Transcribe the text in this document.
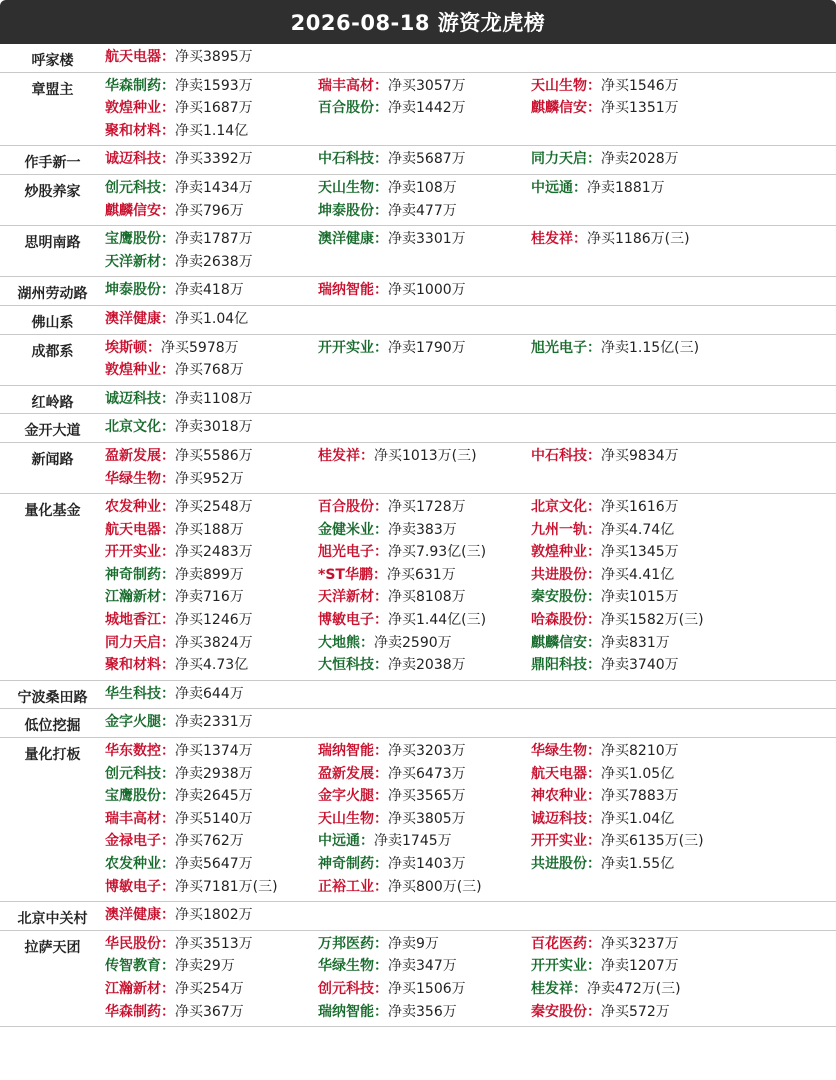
2026-08-18 游资龙虎榜
呼家楼	航天电器：净买3895万
章盟主	华森制药：净卖1593万	瑞丰高材：净买3057万	天山生物：净买1546万
敦煌种业：净买1687万	百合股份：净卖1442万	麒麟信安：净买1351万
聚和材料：净买1.14亿
作手新一	诚迈科技：净买3392万	中石科技：净卖5687万	同力天启：净卖2028万
炒股养家	创元科技：净卖1434万	天山生物：净卖108万	中远通：净卖1881万
麒麟信安：净买796万	坤泰股份：净卖477万
思明南路	宝鹰股份：净卖1787万	澳洋健康：净卖3301万	桂发祥：净买1186万(三)
天洋新材：净卖2638万
湖州劳动路	坤泰股份：净卖418万	瑞纳智能：净买1000万
佛山系	澳洋健康：净买1.04亿
成都系	埃斯顿：净买5978万	开开实业：净卖1790万	旭光电子：净卖1.15亿(三)
敦煌种业：净买768万
红岭路	诚迈科技：净卖1108万
金开大道	北京文化：净卖3018万
新闻路	盈新发展：净买5586万	桂发祥：净买1013万(三)	中石科技：净买9834万
华绿生物：净买952万
量化基金	农发种业：净买2548万	百合股份：净买1728万	北京文化：净买1616万
航天电器：净买188万	金健米业：净卖383万	九州一轨：净买4.74亿
开开实业：净买2483万	旭光电子：净买7.93亿(三)	敦煌种业：净买1345万
神奇制药：净卖899万	*ST华鹏：净买631万	共进股份：净买4.41亿
江瀚新材：净卖716万	天洋新材：净买8108万	秦安股份：净卖1015万
城地香江：净买1246万	博敏电子：净买1.44亿(三)	哈森股份：净买1582万(三)
同力天启：净买3824万	大地熊：净卖2590万	麒麟信安：净卖831万
聚和材料：净买4.73亿	大恒科技：净卖2038万	鼎阳科技：净卖3740万
宁波桑田路	华生科技：净卖644万
低位挖掘	金字火腿：净卖2331万
量化打板	华东数控：净买1374万	瑞纳智能：净买3203万	华绿生物：净买8210万
创元科技：净卖2938万	盈新发展：净买6473万	航天电器：净买1.05亿
宝鹰股份：净卖2645万	金字火腿：净买3565万	神农种业：净买7883万
瑞丰高材：净买5140万	天山生物：净买3805万	诚迈科技：净买1.04亿
金禄电子：净买762万	中远通：净卖1745万	开开实业：净买6135万(三)
农发种业：净卖5647万	神奇制药：净卖1403万	共进股份：净卖1.55亿
博敏电子：净买7181万(三)	正裕工业：净买800万(三)
北京中关村	澳洋健康：净买1802万
拉萨天团	华民股份：净买3513万	万邦医药：净卖9万	百花医药：净买3237万
传智教育：净卖29万	华绿生物：净卖347万	开开实业：净卖1207万
江瀚新材：净买254万	创元科技：净买1506万	桂发祥：净卖472万(三)
华森制药：净买367万	瑞纳智能：净卖356万	秦安股份：净买572万
